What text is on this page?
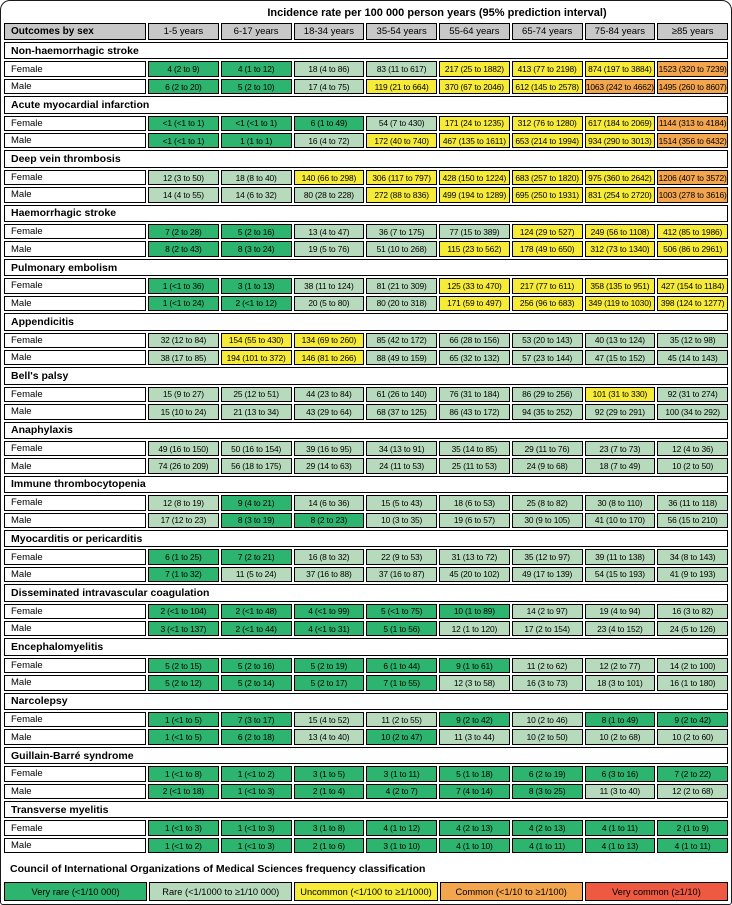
Incidence rate per 100 000 person years (95% prediction interval)
Outcomes by sex	1-5 years	6-17 years	18-34 years	35-54 years	55-64 years	65-74 years	75-84 years	≥85 years
Non-haemorrhagic stroke
Female	4 (2 to 9)	4 (1 to 12)	18 (4 to 86)	83 (11 to 617)	217 (25 to 1882)	413 (77 to 2198)	874 (197 to 3884) 1523 (320 to 7239)
Male	6 (2 to 20)	5 (2 to 10)	17 (4 to 75)	119 (21 to 664)	370 (67 to 2046)	612 (145 to 2578) 1063 (242 to 4662) 1495 (260 to 8607)
Acute myocardial infarction
Female	<1 (<1 to 1)	<1 (<1 to 1)	6 (1 to 49)	54 (7 to 430)	171 (24 to 1235)	312 (76 to 1280)	617 (184 to 2069) 1144 (313 to 4184)
Male	<1 (<1 to 1)	1 (1 to 1)	16 (4 to 72)	172 (40 to 740)	467 (135 to 1611)	653 (214 to 1994)	934 (290 to 3013) 1514 (356 to 6432)
Deep vein thrombosis
Female	12 (3 to 50)	18 (8 to 40)	140 (66 to 298)	306 (117 to 797)	428 (150 to 1224)	683 (257 to 1820)	975 (360 to 2642) 1206 (407 to 3572)
Male	14 (4 to 55)	14 (6 to 32)	80 (28 to 228)	272 (88 to 836)	499 (194 to 1289)	695 (250 to 1931)	831 (254 to 2720) 1003 (278 to 3616)
Haemorrhagic stroke
Female	7 (2 to 28)	5 (2 to 16)	13 (4 to 47)	36 (7 to 175)	77 (15 to 389)	124 (29 to 527)	249 (56 to 1108)	412 (85 to 1986)
Male	8 (2 to 43)	8 (3 to 24)	19 (5 to 76)	51 (10 to 268)	115 (23 to 562)	178 (49 to 650)	312 (73 to 1340)	506 (86 to 2961)
Pulmonary embolism
Female	1 (<1 to 36)	3 (1 to 13)	38 (11 to 124)	81 (21 to 309)	125 (33 to 470)	217 (77 to 611)	358 (135 to 951)	427 (154 to 1184)
Male	1 (<1 to 24)	2 (<1 to 12)	20 (5 to 80)	80 (20 to 318)	171 (59 to 497)	256 (96 to 683)	349 (119 to 1030)	398 (124 to 1277)
Appendicitis
Female	32 (12 to 84)	154 (55 to 430)	134 (69 to 260)	85 (42 to 172)	66 (28 to 156)	53 (20 to 143)	40 (13 to 124)	35 (12 to 98)
Male	38 (17 to 85)	194 (101 to 372)	146 (81 to 266)	88 (49 to 159)	65 (32 to 132)	57 (23 to 144)	47 (15 to 152)	45 (14 to 143)
Bell's palsy
Female	15 (9 to 27)	25 (12 to 51)	44 (23 to 84)	61 (26 to 140)	76 (31 to 184)	86 (29 to 256)	101 (31 to 330)	92 (31 to 274)
Male	15 (10 to 24)	21 (13 to 34)	43 (29 to 64)	68 (37 to 125)	86 (43 to 172)	94 (35 to 252)	92 (29 to 291)	100 (34 to 292)
Anaphylaxis
Female	49 (16 to 150)	50 (16 to 154)	39 (16 to 95)	34 (13 to 91)	35 (14 to 85)	29 (11 to 76)	23 (7 to 73)	12 (4 to 36)
Male	74 (26 to 209)	56 (18 to 175)	29 (14 to 63)	24 (11 to 53)	25 (11 to 53)	24 (9 to 68)	18 (7 to 49)	10 (2 to 50)
Immune thrombocytopenia
Female	12 (8 to 19)	9 (4 to 21)	14 (6 to 36)	15 (5 to 43)	18 (6 to 53)	25 (8 to 82)	30 (8 to 110)	36 (11 to 118)
Male	17 (12 to 23)	8 (3 to 19)	8 (2 to 23)	10 (3 to 35)	19 (6 to 57)	30 (9 to 105)	41 (10 to 170)	56 (15 to 210)
Myocarditis or pericarditis
Female	6 (1 to 25)	7 (2 to 21)	16 (8 to 32)	22 (9 to 53)	31 (13 to 72)	35 (12 to 97)	39 (11 to 138)	34 (8 to 143)
Male	7 (1 to 32)	11 (5 to 24)	37 (16 to 88)	37 (16 to 87)	45 (20 to 102)	49 (17 to 139)	54 (15 to 193)	41 (9 to 193)
Disseminated intravascular coagulation
Female	2 (<1 to 104)	2 (<1 to 48)	4 (<1 to 99)	5 (<1 to 75)	10 (1 to 89)	14 (2 to 97)	19 (4 to 94)	16 (3 to 82)
Male	3 (<1 to 137)	2 (<1 to 44)	4 (<1 to 31)	5 (1 to 56)	12 (1 to 120)	17 (2 to 154)	23 (4 to 152)	24 (5 to 126)
Encephalomyelitis
Female	5 (2 to 15)	5 (2 to 16)	5 (2 to 19)	6 (1 to 44)	9 (1 to 61)	11 (2 to 62)	12 (2 to 77)	14 (2 to 100)
Male	5 (2 to 12)	5 (2 to 14)	5 (2 to 17)	7 (1 to 55)	12 (3 to 58)	16 (3 to 73)	18 (3 to 101)	16 (1 to 180)
Narcolepsy
Female	1 (<1 to 5)	7 (3 to 17)	15 (4 to 52)	11 (2 to 55)	9 (2 to 42)	10 (2 to 46)	8 (1 to 49)	9 (2 to 42)
Male	1 (<1 to 5)	6 (2 to 18)	13 (4 to 40)	10 (2 to 47)	11 (3 to 44)	10 (2 to 50)	10 (2 to 68)	10 (2 to 60)
Guillain-Barré syndrome
Female	1 (<1 to 8)	1 (<1 to 2)	3 (1 to 5)	3 (1 to 11)	5 (1 to 18)	6 (2 to 19)	6 (3 to 16)	7 (2 to 22)
Male	2 (<1 to 18)	1 (<1 to 3)	2 (1 to 4)	4 (2 to 7)	7 (4 to 14)	8 (3 to 25)	11 (3 to 40)	12 (2 to 68)
Transverse myelitis
Female	1 (<1 to 3)	1 (<1 to 3)	3 (1 to 8)	4 (1 to 12)	4 (2 to 13)	4 (2 to 13)	4 (1 to 11)	2 (1 to 9)
Male	1 (<1 to 2)	1 (<1 to 3)	2 (1 to 6)	3 (1 to 10)	4 (1 to 10)	4 (1 to 11)	4 (1 to 13)	4 (1 to 11)
Council of International Organizations of Medical Sciences frequency classification
Very rare (<1/10 000)	Rare (<1/1000 to ≥1/10 000)	Uncommon (<1/100 to ≥1/1000)	Common (<1/10 to ≥1/100)	Very common (≥1/10)
